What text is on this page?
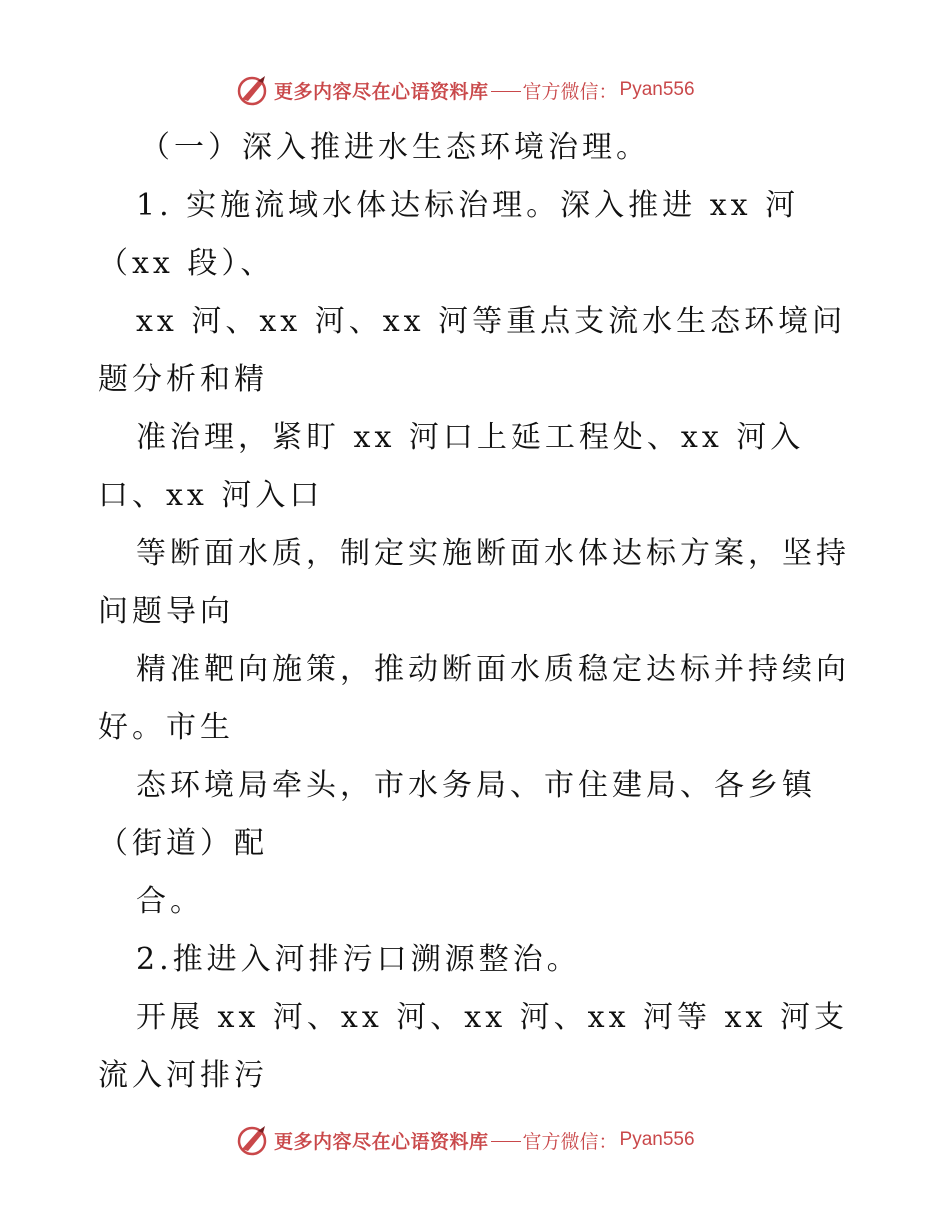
更多内容尽在心语资料库 官方微信： Pyan556
（一）深入推进水生态环境治理。
1. 实施流域水体达标治理。深入推进 xx 河
（xx 段）、
xx 河、xx 河、xx 河等重点支流水生态环境问
题分析和精
准治理，紧盯 xx 河口上延工程处、xx 河入
口、xx 河入口
等断面水质，制定实施断面水体达标方案，坚持
问题导向
精准靶向施策，推动断面水质稳定达标并持续向
好。市生
态环境局牵头，市水务局、市住建局、各乡镇
（街道）配
合。
2.推进入河排污口溯源整治。
开展 xx 河、xx 河、xx 河、xx 河等 xx 河支
流入河排污
更多内容尽在心语资料库 官方微信： Pyan556
